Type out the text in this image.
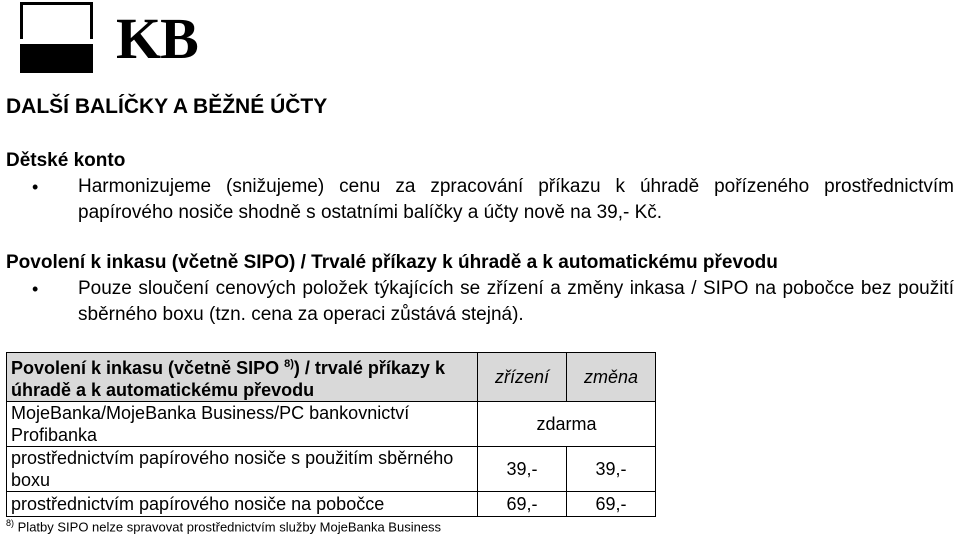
KB
DALŠÍ BALÍČKY A BĚŽNÉ ÚČTY
Dětské konto
• Harmonizujeme (snižujeme) cenu za zpracování příkazu k úhradě pořízeného prostřednictvím papírového nosiče shodně s ostatními balíčky a účty nově na 39,- Kč.
Povolení k inkasu (včetně SIPO) / Trvalé příkazy k úhradě a k automatickému převodu
• Pouze sloučení cenových položek týkajících se zřízení a změny inkasa / SIPO na pobočce bez použití sběrného boxu (tzn. cena za operaci zůstává stejná).
Povolení k inkasu (včetně SIPO $^{8)}$) / trvalé příkazy k úhradě a k automatickému převodu	zřízení	změna
MojeBanka/MojeBanka Business/PC bankovnictví Profibanka	zdarma	
prostřednictvím papírového nosiče s použitím sběrného boxu	39,-	39,-
prostřednictvím papírového nosiče na pobočce	69,-	69,-
$^{8)}$ Platby SIPO nelze spravovat prostřednictvím služby MojeBanka Business
